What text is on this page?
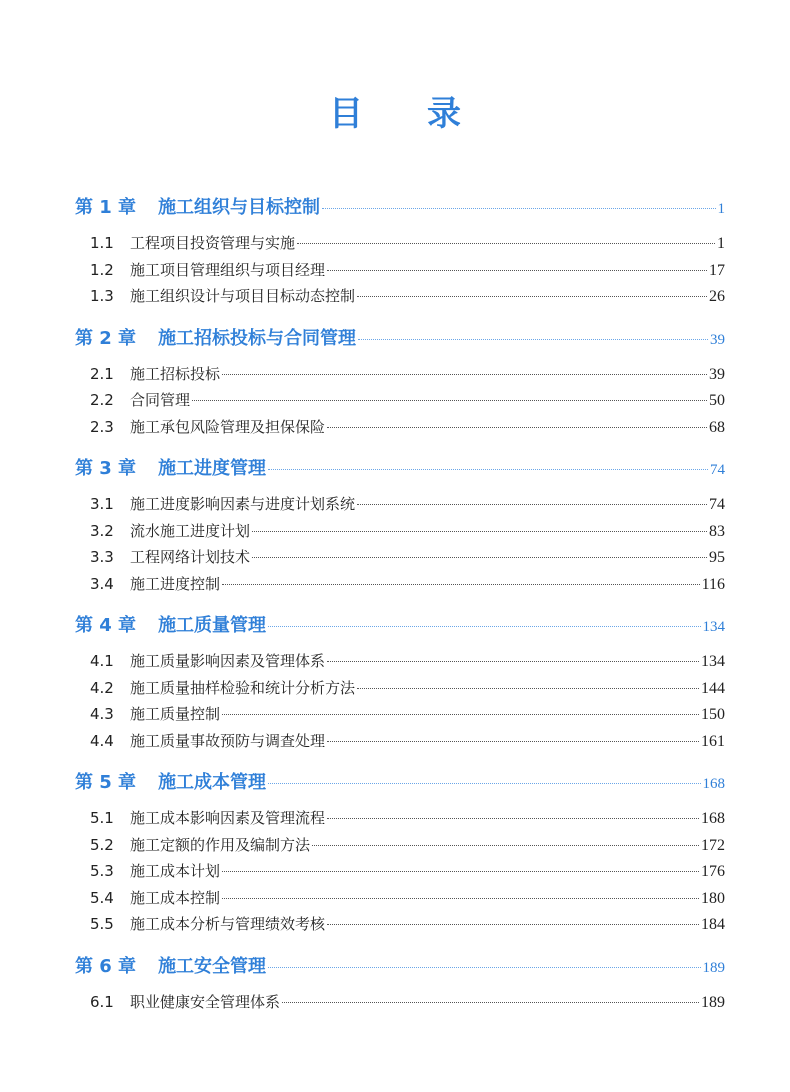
目 录
第 1 章 施工组织与目标控制	1
1.1	工程项目投资管理与实施	1
1.2	施工项目管理组织与项目经理	17
1.3	施工组织设计与项目目标动态控制	26
第 2 章 施工招标投标与合同管理	39
2.1	施工招标投标	39
2.2	合同管理	50
2.3	施工承包风险管理及担保保险	68
第 3 章 施工进度管理	74
3.1	施工进度影响因素与进度计划系统	74
3.2	流水施工进度计划	83
3.3	工程网络计划技术	95
3.4	施工进度控制	116
第 4 章 施工质量管理	134
4.1	施工质量影响因素及管理体系	134
4.2	施工质量抽样检验和统计分析方法	144
4.3	施工质量控制	150
4.4	施工质量事故预防与调查处理	161
第 5 章 施工成本管理	168
5.1	施工成本影响因素及管理流程	168
5.2	施工定额的作用及编制方法	172
5.3	施工成本计划	176
5.4	施工成本控制	180
5.5	施工成本分析与管理绩效考核	184
第 6 章 施工安全管理	189
6.1	职业健康安全管理体系	189
